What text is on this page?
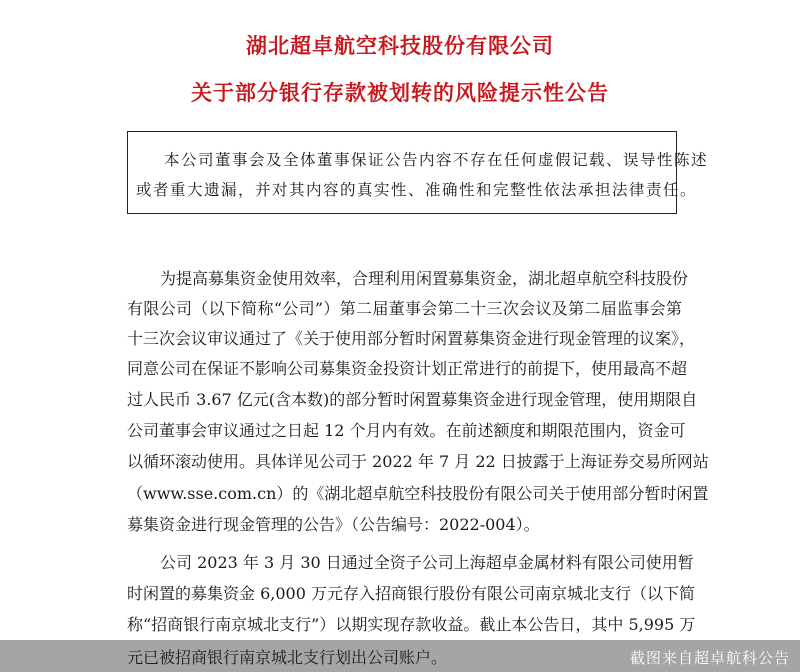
湖北超卓航空科技股份有限公司
关于部分银行存款被划转的风险提示性公告
本公司董事会及全体董事保证公告内容不存在任何虚假记载、误导性陈述
或者重大遗漏，并对其内容的真实性、准确性和完整性依法承担法律责任。
为提高募集资金使用效率，合理利用闲置募集资金，湖北超卓航空科技股份
有限公司（以下简称“公司”）第二届董事会第二十三次会议及第二届监事会第
十三次会议审议通过了《关于使用部分暂时闲置募集资金进行现金管理的议案》，
同意公司在保证不影响公司募集资金投资计划正常进行的前提下，使用最高不超
过人民币 3.67 亿元(含本数)的部分暂时闲置募集资金进行现金管理，使用期限自
公司董事会审议通过之日起 12 个月内有效。在前述额度和期限范围内，资金可
以循环滚动使用。具体详见公司于 2022 年 7 月 22 日披露于上海证券交易所网站
（www.sse.com.cn）的《湖北超卓航空科技股份有限公司关于使用部分暂时闲置
募集资金进行现金管理的公告》（公告编号：2022-004）。
公司 2023 年 3 月 30 日通过全资子公司上海超卓金属材料有限公司使用暂
时闲置的募集资金 6,000 万元存入招商银行股份有限公司南京城北支行（以下简
称“招商银行南京城北支行”）以期实现存款收益。截止本公告日，其中 5,995 万
截图来自超卓航科公告
元已被招商银行南京城北支行划出公司账户。
